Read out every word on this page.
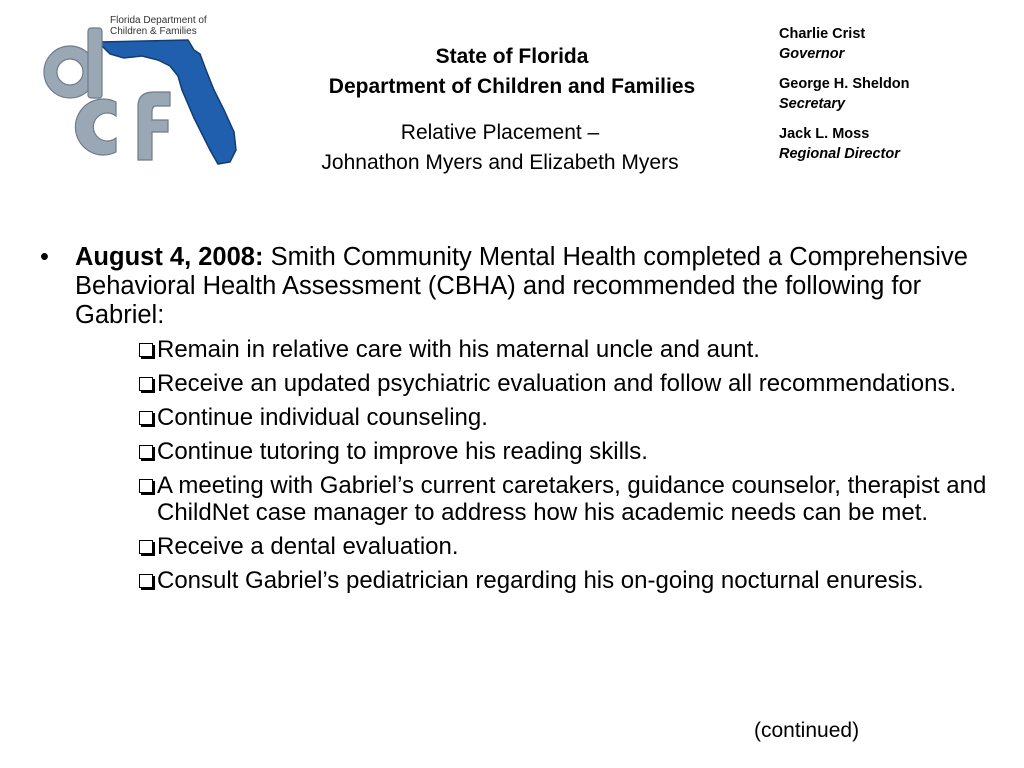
Florida Department of
Children & Families
State of Florida
Department of Children and Families
Relative Placement –
Johnathon Myers and Elizabeth Myers
Charlie Crist
Governor
George H. Sheldon
Secretary
Jack L. Moss
Regional Director
•	August 4, 2008: Smith Community Mental Health completed a Comprehensive Behavioral Health Assessment (CBHA) and recommended the following for Gabriel:
Remain in relative care with his maternal uncle and aunt.
Receive an updated psychiatric evaluation and follow all recommendations.
Continue individual counseling.
Continue tutoring to improve his reading skills.
A meeting with Gabriel’s current caretakers, guidance counselor, therapist and ChildNet case manager to address how his academic needs can be met.
Receive a dental evaluation.
Consult Gabriel’s pediatrician regarding his on-going nocturnal enuresis.
(continued)
